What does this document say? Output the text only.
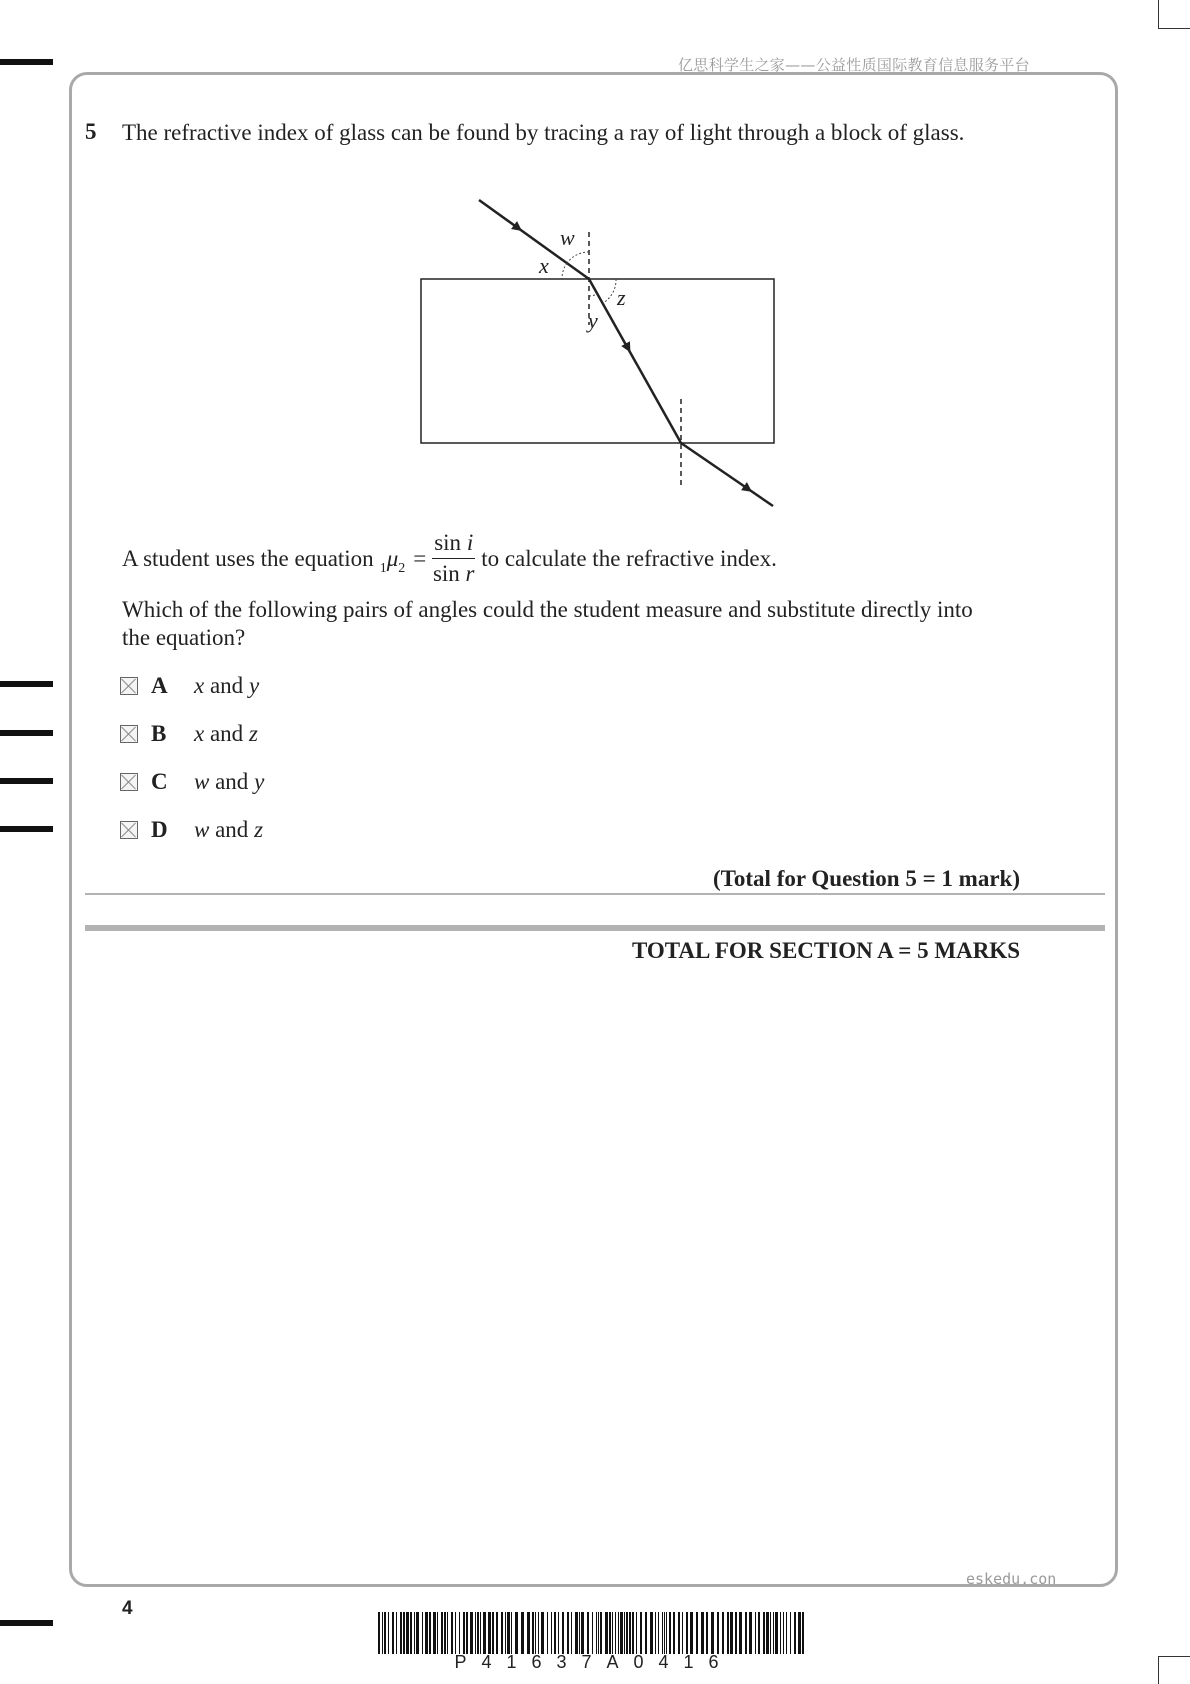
亿思科学生之家——公益性质国际教育信息服务平台
5 The refractive index of glass can be found by tracing a ray of light through a block of glass.
w
x
z
y
A student uses the equation 1 μ $2 = \frac{\text{sin i}}{\text{sin r}}$ to calculate the refractive index.
Which of the following pairs of angles could the student measure and substitute directly into the equation?
A	x and y
B	x and z
C	w and y
D	w and z
(Total for Question 5 = 1 mark)
TOTAL FOR SECTION A = 5 MARKS
eskedu.con
4
P41637A0416
